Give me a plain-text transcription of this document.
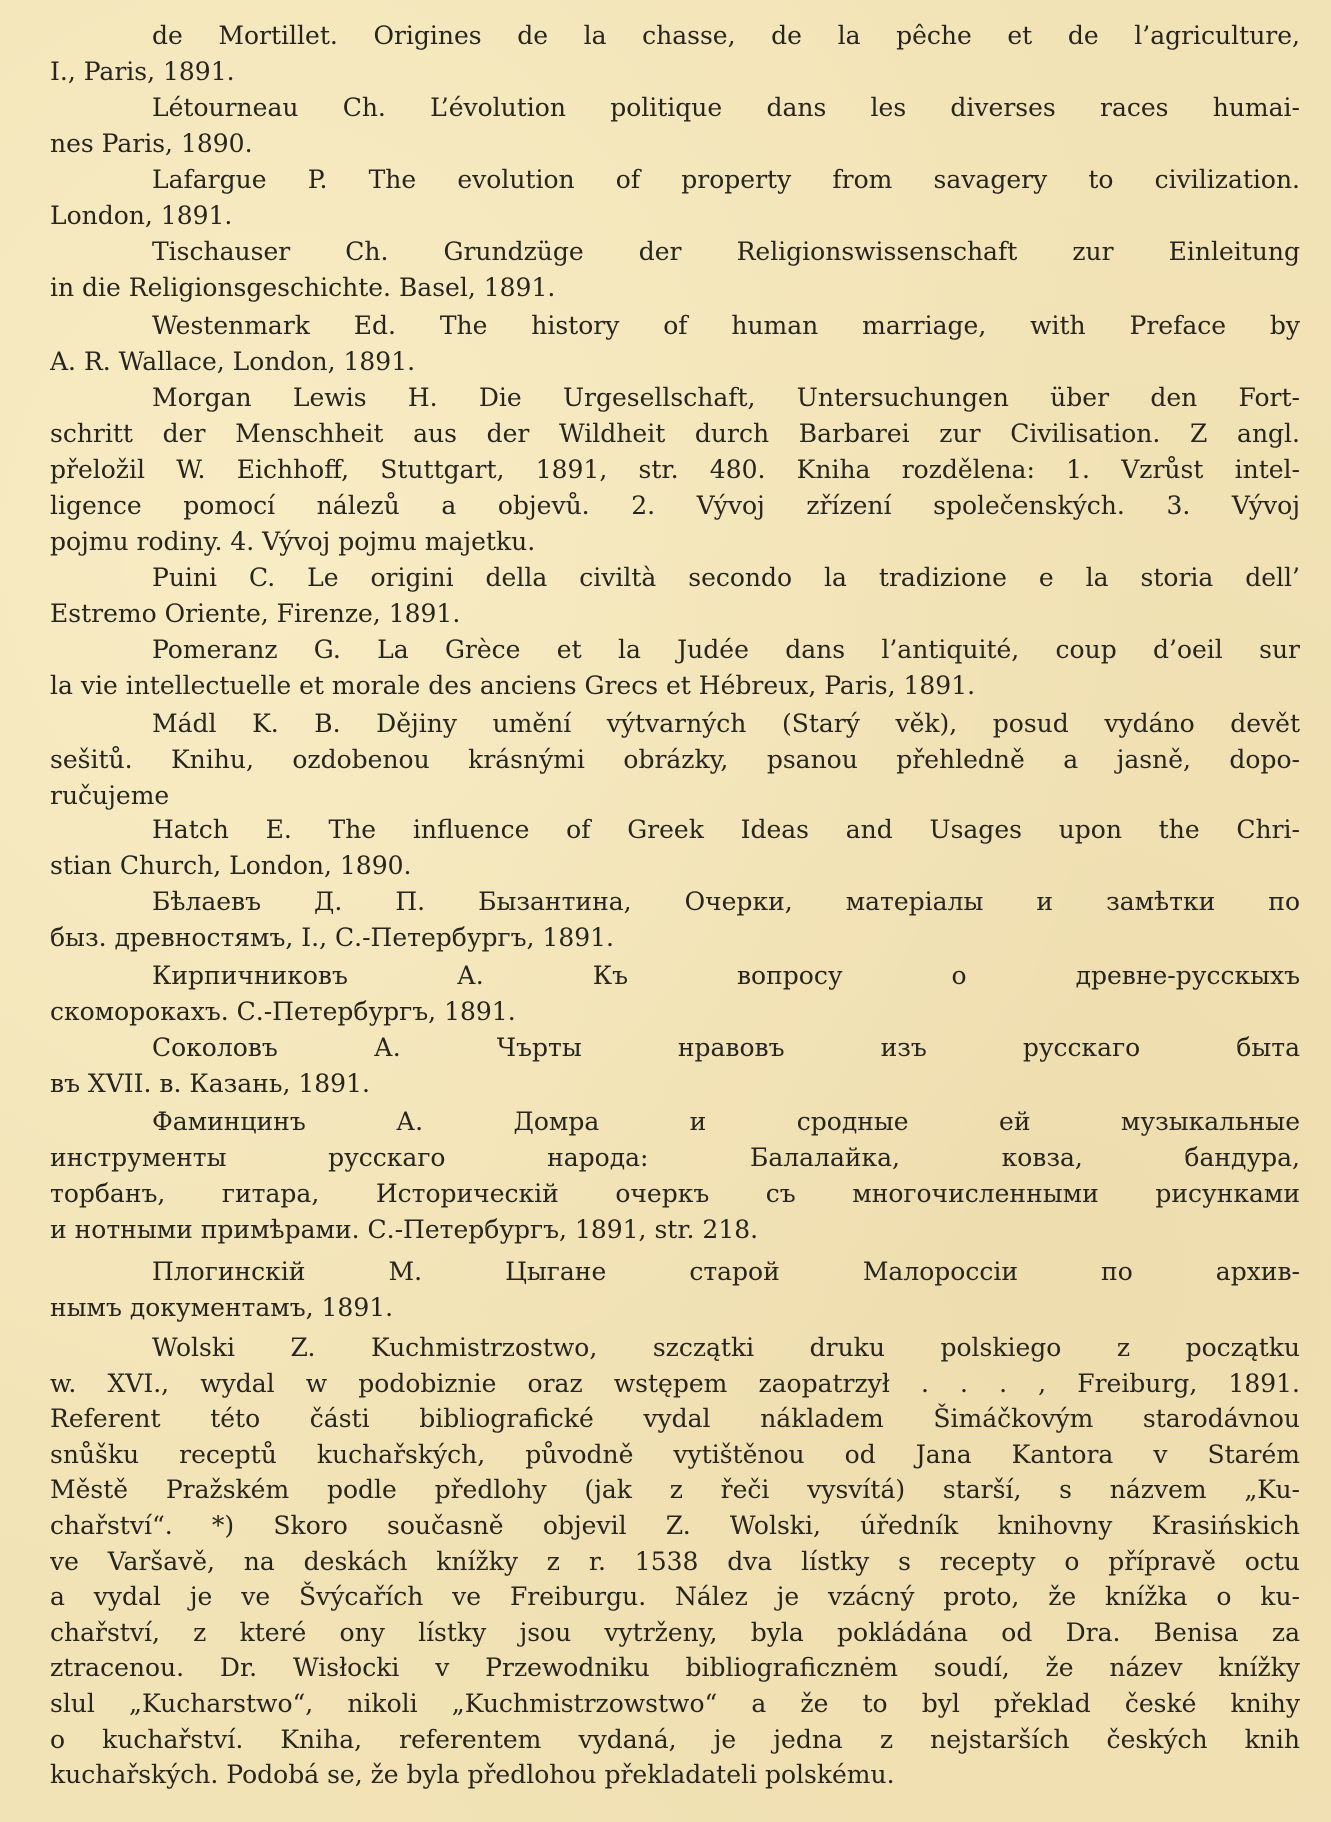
de Mortillet. Origines de la chasse, de la pêche et de l’agriculture,
I., Paris, 1891.
Létourneau Ch. L’évolution politique dans les diverses races humai-
nes Paris, 1890.
Lafargue P. The evolution of property from savagery to civilization.
London, 1891.
Tischauser Ch. Grundzüge der Religionswissenschaft zur Einleitung
in die Religionsgeschichte. Basel, 1891.
Westenmark Ed. The history of human marriage, with Preface by
A. R. Wallace, London, 1891.
Morgan Lewis H. Die Urgesellschaft, Untersuchungen über den Fort-
schritt der Menschheit aus der Wildheit durch Barbarei zur Civilisation. Z angl.
přeložil W. Eichhoff, Stuttgart, 1891, str. 480. Kniha rozdělena: 1. Vzrůst intel-
ligence pomocí nálezů a objevů. 2. Vývoj zřízení společenských. 3. Vývoj
pojmu rodiny. 4. Vývoj pojmu majetku.
Puini C. Le origini della civiltà secondo la tradizione e la storia dell’
Estremo Oriente, Firenze, 1891.
Pomeranz G. La Grèce et la Judée dans l’antiquité, coup d’oeil sur
la vie intellectuelle et morale des anciens Grecs et Hébreux, Paris, 1891.
Mádl K. B. Dějiny umění výtvarných (Starý věk), posud vydáno devět
sešitů. Knihu, ozdobenou krásnými obrázky, psanou přehledně a jasně, dopo-
ručujeme
Hatch E. The influence of Greek Ideas and Usages upon the Chri-
stian Church, London, 1890.
Бѣлаевъ Д. П. Бызантина, Очерки, матеріалы и замѣтки по
быз. древностямъ, I., С.-Петербургъ, 1891.
Кирпичниковъ А. Къ вопросу о древне-русскыхъ
скоморокахъ. С.-Петербургъ, 1891.
Соколовъ А. Чърты нравовъ изъ русскаго быта
въ XVII. в. Казань, 1891.
Фаминцинъ А. Домра и сродные ей музыкальные
инструменты русскаго народа: Балалайка, ковза, бандура,
торбанъ, гитара, Историческій очеркъ съ многочисленными рисунками
и нотными примѣрами. С.-Петербургъ, 1891, str. 218.
Плогинскій М. Цыгане старой Малороссіи по архив-
нымъ документамъ, 1891.
Wolski Z. Kuchmistrzostwo, szczątki druku polskiego z początku
w. XVI., wydal w podobiznie oraz wstępem zaopatrzył . . . , Freiburg, 1891.
Referent této části bibliografické vydal nákladem Šimáčkovým starodávnou
snůšku receptů kuchařských, původně vytištěnou od Jana Kantora v Starém
Městě Pražském podle předlohy (jak z řeči vysvítá) starší, s názvem „Ku-
chařství“. *) Skoro současně objevil Z. Wolski, úředník knihovny Krasińskich
ve Varšavě, na deskách knížky z r. 1538 dva lístky s recepty o přípravě octu
a vydal je ve Švýcařích ve Freiburgu. Nález je vzácný proto, že knížka o ku-
chařství, z které ony lístky jsou vytrženy, byla pokládána od Dra. Benisa za
ztracenou. Dr. Wisłocki v Przewodniku bibliograficznėm soudí, že název knížky
slul „Kucharstwo“, nikoli „Kuchmistrzowstwo“ a že to byl překlad české knihy
o kuchařství. Kniha, referentem vydaná, je jedna z nejstarších českých knih
kuchařských. Podobá se, že byla předlohou překladateli polskému.
